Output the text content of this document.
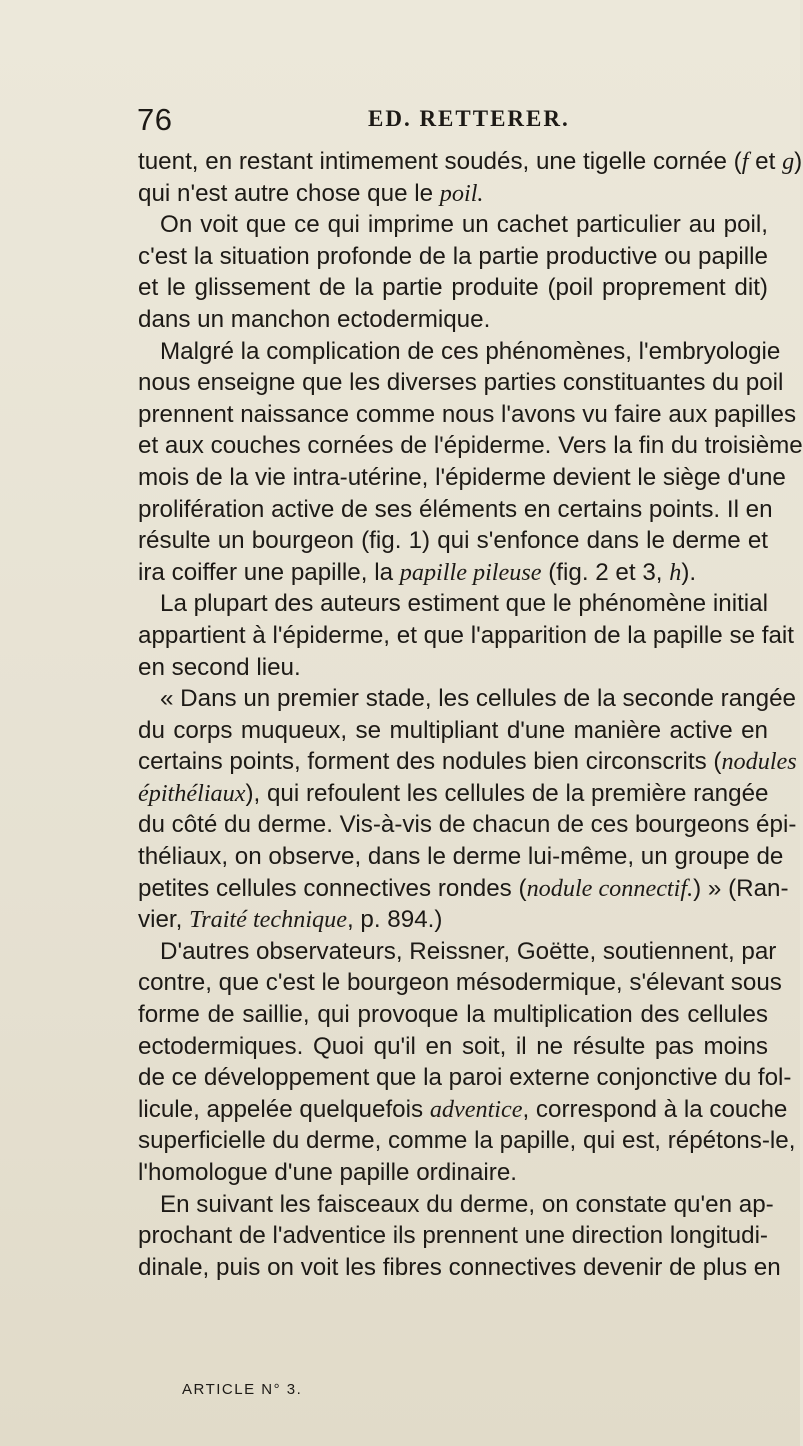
76	ED. RETTERER.
tuent, en restant intimement soudés, une tigelle cornée (f et g)
qui n'est autre chose que le poil.
On voit que ce qui imprime un cachet particulier au poil,
c'est la situation profonde de la partie productive ou papille
et le glissement de la partie produite (poil proprement dit)
dans un manchon ectodermique.
Malgré la complication de ces phénomènes, l'embryologie
nous enseigne que les diverses parties constituantes du poil
prennent naissance comme nous l'avons vu faire aux papilles
et aux couches cornées de l'épiderme. Vers la fin du troisième
mois de la vie intra-utérine, l'épiderme devient le siège d'une
prolifération active de ses éléments en certains points. Il en
résulte un bourgeon (fig. 1) qui s'enfonce dans le derme et
ira coiffer une papille, la papille pileuse (fig. 2 et 3, h).
La plupart des auteurs estiment que le phénomène initial
appartient à l'épiderme, et que l'apparition de la papille se fait
en second lieu.
« Dans un premier stade, les cellules de la seconde rangée
du corps muqueux, se multipliant d'une manière active en
certains points, forment des nodules bien circonscrits (nodules
épithéliaux), qui refoulent les cellules de la première rangée
du côté du derme. Vis-à-vis de chacun de ces bourgeons épi-
théliaux, on observe, dans le derme lui-même, un groupe de
petites cellules connectives rondes (nodule connectif.) » (Ran-
vier, Traité technique, p. 894.)
D'autres observateurs, Reissner, Goëtte, soutiennent, par
contre, que c'est le bourgeon mésodermique, s'élevant sous
forme de saillie, qui provoque la multiplication des cellules
ectodermiques. Quoi qu'il en soit, il ne résulte pas moins
de ce développement que la paroi externe conjonctive du fol-
licule, appelée quelquefois adventice, correspond à la couche
superficielle du derme, comme la papille, qui est, répétons-le,
l'homologue d'une papille ordinaire.
En suivant les faisceaux du derme, on constate qu'en ap-
prochant de l'adventice ils prennent une direction longitudi-
dinale, puis on voit les fibres connectives devenir de plus en
ARTICLE N° 3.
